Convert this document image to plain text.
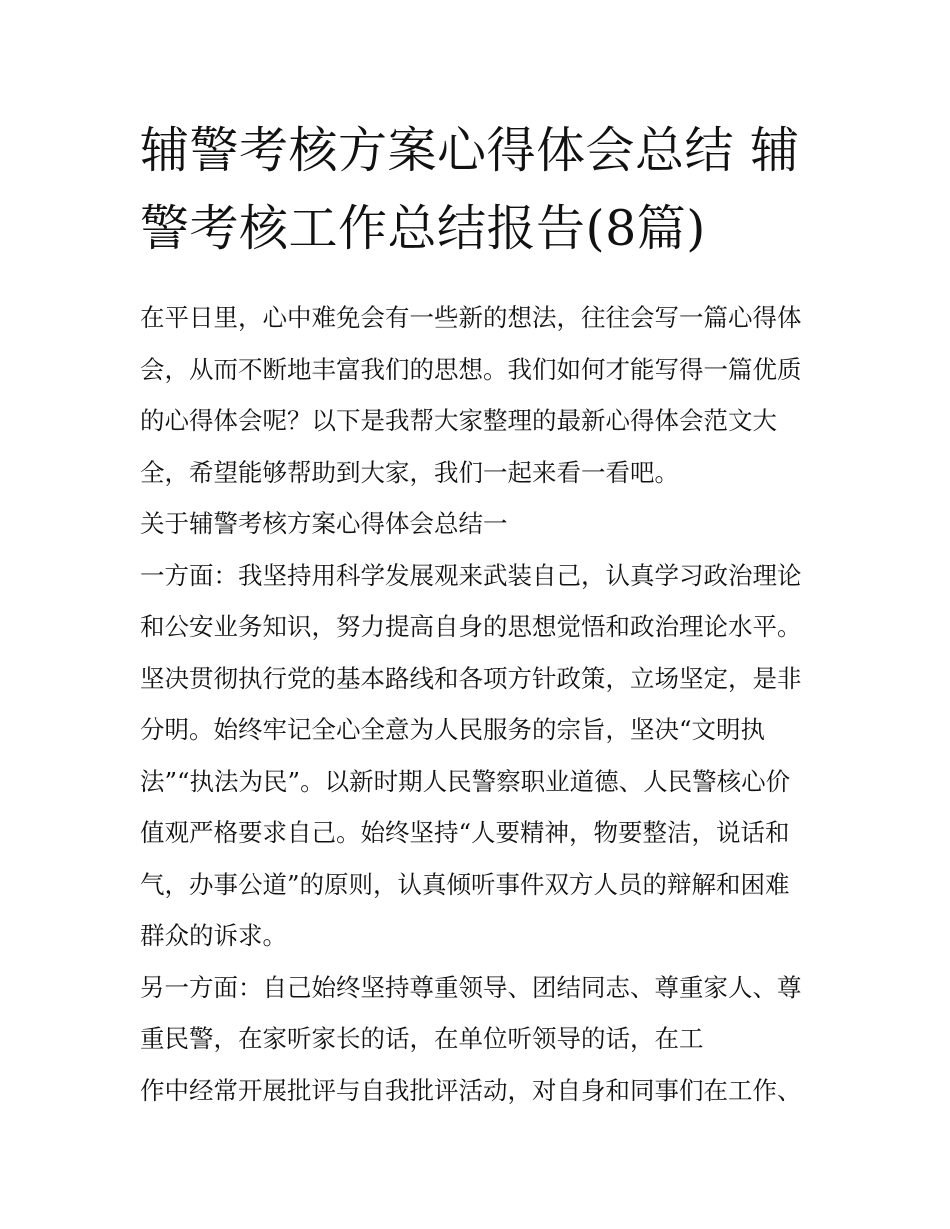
辅警考核方案心得体会总结 辅
警考核工作总结报告(8篇)

在平日里，心中难免会有一些新的想法，往往会写一篇心得体
会，从而不断地丰富我们的思想。我们如何才能写得一篇优质
的心得体会呢？以下是我帮大家整理的最新心得体会范文大
全，希望能够帮助到大家，我们一起来看一看吧。

关于辅警考核方案心得体会总结一

一方面：我坚持用科学发展观来武装自己，认真学习政治理论
和公安业务知识，努力提高自身的思想觉悟和政治理论水平。
坚决贯彻执行党的基本路线和各项方针政策，立场坚定，是非
分明。始终牢记全心全意为人民服务的宗旨，坚决“文明执
法”“执法为民”。以新时期人民警察职业道德、人民警核心价
值观严格要求自己。始终坚持“人要精神，物要整洁，说话和
气，办事公道”的原则，认真倾听事件双方人员的辩解和困难
群众的诉求。

另一方面：自己始终坚持尊重领导、团结同志、尊重家人、尊
重民警，在家听家长的话，在单位听领导的话，在工
作中经常开展批评与自我批评活动，对自身和同事们在工作、
